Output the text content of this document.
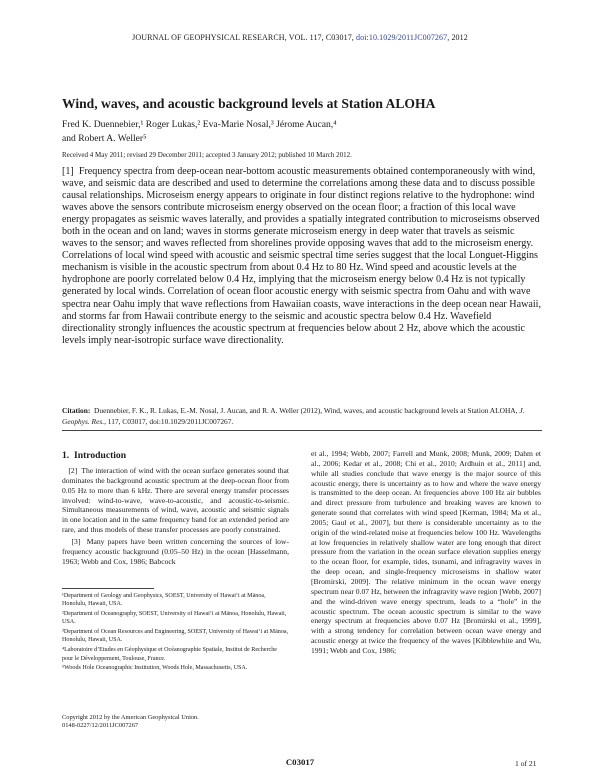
JOURNAL OF GEOPHYSICAL RESEARCH, VOL. 117, C03017, doi:10.1029/2011JC007267, 2012
Wind, waves, and acoustic background levels at Station ALOHA
Fred K. Duennebier,¹ Roger Lukas,² Eva-Marie Nosal,³ Jérome Aucan,⁴
and Robert A. Weller⁵
Received 4 May 2011; revised 29 December 2011; accepted 3 January 2012; published 10 March 2012.
[1] Frequency spectra from deep-ocean near-bottom acoustic measurements obtained contemporaneously with wind, wave, and seismic data are described and used to determine the correlations among these data and to discuss possible causal relationships. Microseism energy appears to originate in four distinct regions relative to the hydrophone: wind waves above the sensors contribute microseism energy observed on the ocean floor; a fraction of this local wave energy propagates as seismic waves laterally, and provides a spatially integrated contribution to microseisms observed both in the ocean and on land; waves in storms generate microseism energy in deep water that travels as seismic waves to the sensor; and waves reflected from shorelines provide opposing waves that add to the microseism energy. Correlations of local wind speed with acoustic and seismic spectral time series suggest that the local Longuet-Higgins mechanism is visible in the acoustic spectrum from about 0.4 Hz to 80 Hz. Wind speed and acoustic levels at the hydrophone are poorly correlated below 0.4 Hz, implying that the microseism energy below 0.4 Hz is not typically generated by local winds. Correlation of ocean floor acoustic energy with seismic spectra from Oahu and with wave spectra near Oahu imply that wave reflections from Hawaiian coasts, wave interactions in the deep ocean near Hawaii, and storms far from Hawaii contribute energy to the seismic and acoustic spectra below 0.4 Hz. Wavefield directionality strongly influences the acoustic spectrum at frequencies below about 2 Hz, above which the acoustic levels imply near-isotropic surface wave directionality.
Citation: Duennebier, F. K., R. Lukas, E.-M. Nosal, J. Aucan, and R. A. Weller (2012), Wind, waves, and acoustic background levels at Station ALOHA, J. Geophys. Res., 117, C03017, doi:10.1029/2011JC007267.
1. Introduction
[2] The interaction of wind with the ocean surface generates sound that dominates the background acoustic spectrum at the deep-ocean floor from 0.05 Hz to more than 6 kHz. There are several energy transfer processes involved: wind-to-wave, wave-to-acoustic, and acoustic-to-seismic. Simultaneous measurements of wind, wave, acoustic and seismic signals in one location and in the same frequency band for an extended period are rare, and thus models of these transfer processes are poorly constrained.
[3] Many papers have been written concerning the sources of low-frequency acoustic background (0.05–50 Hz) in the ocean [Hasselmann, 1963; Webb and Cox, 1986; Babcock
et al., 1994; Webb, 2007; Farrell and Munk, 2008; Munk, 2009; Dahm et al., 2006; Kedar et al., 2008; Chi et al., 2010; Ardhuin et al., 2011] and, while all studies conclude that wave energy is the major source of this acoustic energy, there is uncertainty as to how and where the wave energy is transmitted to the deep ocean. At frequencies above 100 Hz air bubbles and direct pressure from turbulence and breaking waves are known to generate sound that correlates with wind speed [Kerman, 1984; Ma et al., 2005; Gaul et al., 2007], but there is considerable uncertainty as to the origin of the wind-related noise at frequencies below 100 Hz. Wavelengths at low frequencies in relatively shallow water are long enough that direct pressure from the variation in the ocean surface elevation supplies energy to the ocean floor, for example, tides, tsunami, and infragravity waves in the deep ocean, and single-frequency microseisms in shallow water [Bromirski, 2009]. The relative minimum in the ocean wave energy spectrum near 0.07 Hz, between the infragravity wave region [Webb, 2007] and the wind-driven wave energy spectrum, leads to a “hole” in the acoustic spectrum. The ocean acoustic spectrum is similar to the wave energy spectrum at frequencies above 0.07 Hz [Bromirski et al., 1999], with a strong tendency for correlation between ocean wave energy and acoustic energy at twice the frequency of the waves [Kibblewhite and Wu, 1991; Webb and Cox, 1986;
¹Department of Geology and Geophysics, SOEST, University of Hawaiʻi at Mānoa, Honolulu, Hawaii, USA.
²Department of Oceanography, SOEST, University of Hawaiʻi at Mānoa, Honolulu, Hawaii, USA.
³Department of Ocean Resources and Engineering, SOEST, University of Hawaiʻi at Mānoa, Honolulu, Hawaii, USA.
⁴Laboratoire d’Etudes en Géophysique et Océanographie Spatiale, Institut de Recherche pour le Développement, Toulouse, France.
⁵Woods Hole Oceanographic Institution, Woods Hole, Massachusetts, USA.
Copyright 2012 by the American Geophysical Union.
0148-0227/12/2011JC007267
C03017	1 of 21
